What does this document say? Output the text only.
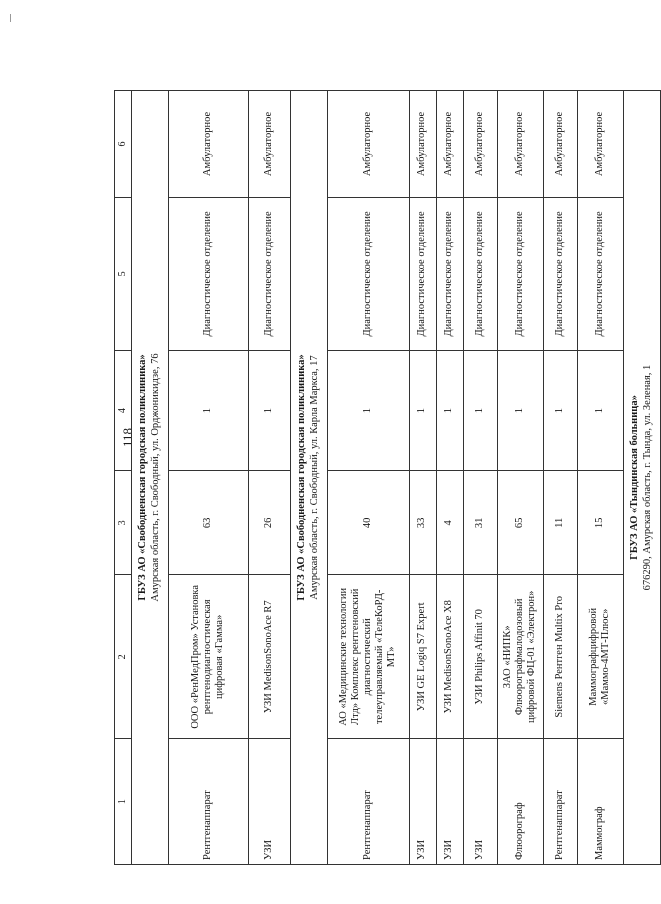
118
1	2	3	4	5	6

ГБУЗ АО «Свободненская городская поликлиника» Амурская область, г. Свободный, ул. Орджоникидзе, 76					
Рентгенаппарат	ООО «РенМедПром» Установка рентгенодиагностическая цифровая «Гамма»	63	1	Диагностическое отделение	Амбулаторное
УЗИ	УЗИ MedisonSonoAce R7	26	1	Диагностическое отделение	Амбулаторное

ГБУЗ АО «Свободненская городская поликлиника» Амурская область, г. Свободный, ул. Карла Маркса, 17					
Рентгенаппарат	АО «Медицинские технологии Лтд» Комплекс рентгеновский диагностический телеуправляемый «ТелеКоРД-МТ»	40	1	Диагностическое отделение	Амбулаторное
УЗИ	УЗИ GE Logiq S7 Expert	33	1	Диагностическое отделение	Амбулаторное
УЗИ	УЗИ MedisonSonoAce X8	4	1	Диагностическое отделение	Амбулаторное
УЗИ	УЗИ Philips Affinit 70	31	1	Диагностическое отделение	Амбулаторное
Флюорограф	ЗАО «НИПК» Флюорографмалодозовый цифровой ФЦ-01 «Электрон»	65	1	Диагностическое отделение	Амбулаторное
Рентгенаппарат	Siemens Рентген Multix Pro	11	1	Диагностическое отделение	Амбулаторное
Маммограф	Маммографцифровой «Маммо-4МТ-Плюс»	15	1	Диагностическое отделение	Амбулаторное

ГБУЗ АО «Тындинская больница» 676290, Амурская область, г. Тында, ул. Зеленая, 1					
